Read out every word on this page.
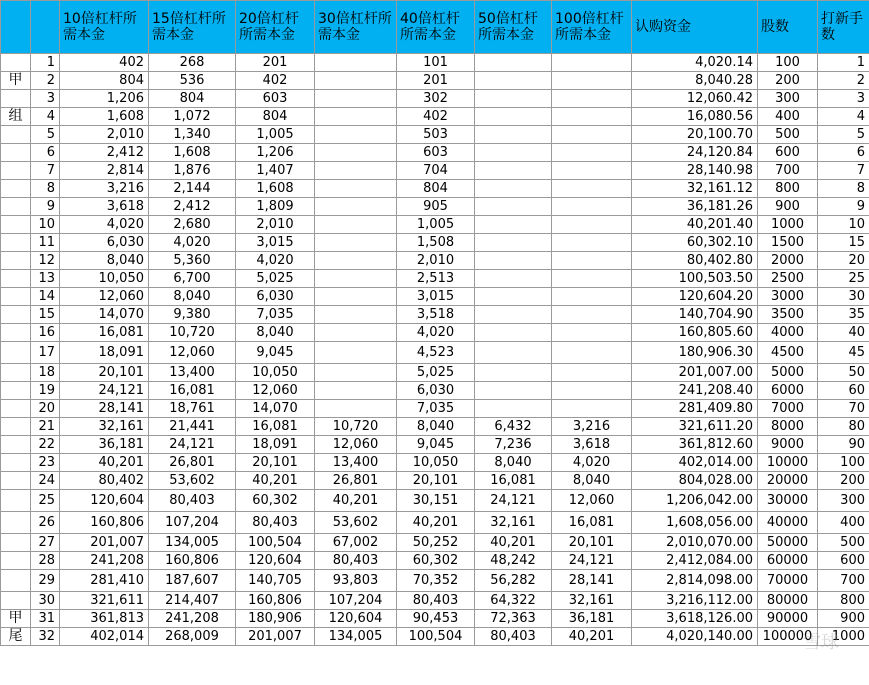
		10倍杠杆所需本金	15倍杠杆所需本金	20倍杠杆所需本金	30倍杠杆所需本金	40倍杠杆所需本金	50倍杠杆所需本金	100倍杠杆所需本金	认购资金	股数	打新手数
	1	402	268	201		101			4,020.14	100	1
甲	2	804	536	402		201			8,040.28	200	2
	3	1,206	804	603		302			12,060.42	300	3
组	4	1,608	1,072	804		402			16,080.56	400	4
	5	2,010	1,340	1,005		503			20,100.70	500	5
	6	2,412	1,608	1,206		603			24,120.84	600	6
	7	2,814	1,876	1,407		704			28,140.98	700	7
	8	3,216	2,144	1,608		804			32,161.12	800	8
	9	3,618	2,412	1,809		905			36,181.26	900	9
	10	4,020	2,680	2,010		1,005			40,201.40	1000	10
	11	6,030	4,020	3,015		1,508			60,302.10	1500	15
	12	8,040	5,360	4,020		2,010			80,402.80	2000	20
	13	10,050	6,700	5,025		2,513			100,503.50	2500	25
	14	12,060	8,040	6,030		3,015			120,604.20	3000	30
	15	14,070	9,380	7,035		3,518			140,704.90	3500	35
	16	16,081	10,720	8,040		4,020			160,805.60	4000	40
	17	18,091	12,060	9,045		4,523			180,906.30	4500	45
	18	20,101	13,400	10,050		5,025			201,007.00	5000	50
	19	24,121	16,081	12,060		6,030			241,208.40	6000	60
	20	28,141	18,761	14,070		7,035			281,409.80	7000	70
	21	32,161	21,441	16,081	10,720	8,040	6,432	3,216	321,611.20	8000	80
	22	36,181	24,121	18,091	12,060	9,045	7,236	3,618	361,812.60	9000	90
	23	40,201	26,801	20,101	13,400	10,050	8,040	4,020	402,014.00	10000	100
	24	80,402	53,602	40,201	26,801	20,101	16,081	8,040	804,028.00	20000	200
	25	120,604	80,403	60,302	40,201	30,151	24,121	12,060	1,206,042.00	30000	300
	26	160,806	107,204	80,403	53,602	40,201	32,161	16,081	1,608,056.00	40000	400
	27	201,007	134,005	100,504	67,002	50,252	40,201	20,101	2,010,070.00	50000	500
	28	241,208	160,806	120,604	80,403	60,302	48,242	24,121	2,412,084.00	60000	600
	29	281,410	187,607	140,705	93,803	70,352	56,282	28,141	2,814,098.00	70000	700
	30	321,611	214,407	160,806	107,204	80,403	64,322	32,161	3,216,112.00	80000	800
甲	31	361,813	241,208	180,906	120,604	90,453	72,363	36,181	3,618,126.00	90000	900
尾	32	402,014	268,009	201,007	134,005	100,504	80,403	40,201	4,020,140.00	100000	1000
雪球
